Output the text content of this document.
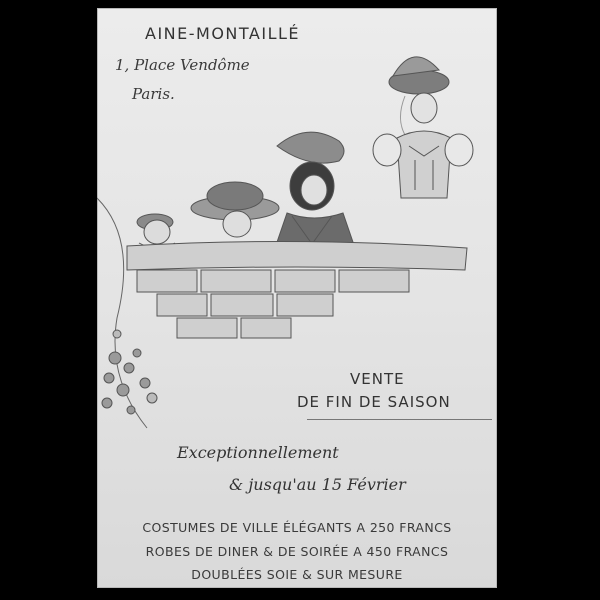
AINE-MONTAILLÉ
1, Place Vendôme
Paris.
VENTE
DE FIN DE SAISON
Exceptionnellement
& jusqu'au 15 Février
COSTUMES DE VILLE ÉLÉGANTS A 250 FRANCS
ROBES DE DINER & DE SOIRÉE A 450 FRANCS
DOUBLÉES SOIE & SUR MESURE
